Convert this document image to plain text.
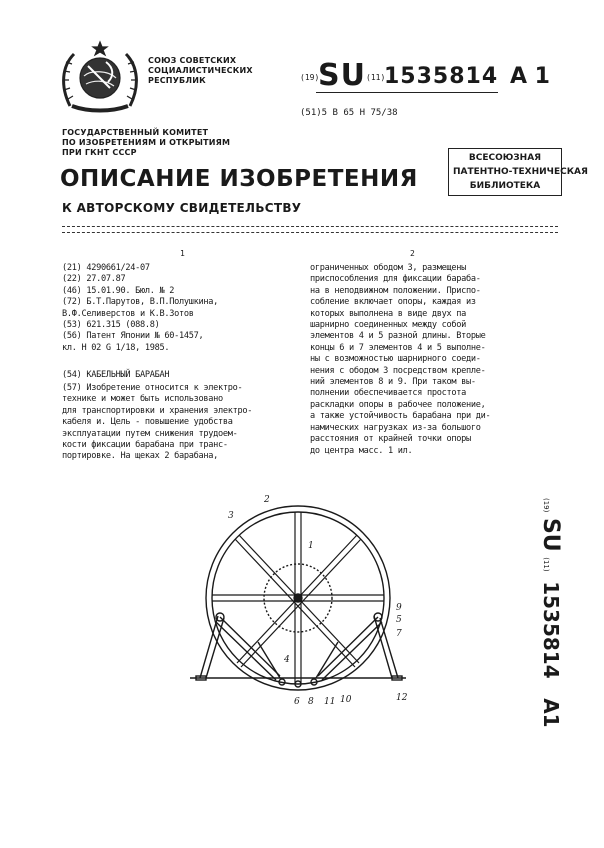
СОЮЗ СОВЕТСКИХ
СОЦИАЛИСТИЧЕСКИХ
РЕСПУБЛИК	(19)
SU (11)
1535814 A 1
(51)5 B 65 H 75/38
ГОСУДАРСТВЕННЫЙ КОМИТЕТ
ПО ИЗОБРЕТЕНИЯМ И ОТКРЫТИЯМ
ПРИ ГКНТ СССР
ВСЕСОЮЗНАЯ
ПАТЕНТНО-ТЕХНИЧЕСКАЯ
БИБЛИОТЕКА
ОПИСАНИЕ ИЗОБРЕТЕНИЯ
К АВТОРСКОМУ СВИДЕТЕЛЬСТВУ
1	2
(21) 4290661/24-07
(22) 27.07.87
(46) 15.01.90. Бюл. № 2
(72) Б.Т.Парутов, В.П.Полушкина,
В.Ф.Селиверстов и К.В.Зотов
(53) 621.315 (088.8)
(56) Патент Японии № 60-1457,
кл. Н 02 G 1/18, 1985.
(54) КАБЕЛЬНЫЙ БАРАБАН
(57) Изобретение относится к электро-
технике и может быть использовано
для транспортировки и хранения электро-
кабеля и. Цель - повышение удобства
эксплуатации путем снижения трудоем-
кости фиксации барабана при транс-
портировке. На щеках 2 барабана,
ограниченных ободом 3, размещены
приспособления для фиксации бараба-
на в неподвижном положении. Приспо-
собление включает опоры, каждая из
которых выполнена в виде двух па
шарнирно соединенных между собой
элементов 4 и 5 разной длины. Вторые
концы 6 и 7 элементов 4 и 5 выполне-
ны с возможностью шарнирного соеди-
нения с ободом 3 посредством крепле-
ний элементов 8 и 9. При таком вы-
полнении обеспечивается простота
раскладки опоры в рабочее положение,
а также устойчивость барабана при ди-
намических нагрузках из-за большого
расстояния от крайней точки опоры
до центра масс. 1 ил.
(19) SU (11) 1535814 A1
1
2
3
4
5
6
7
8
9
10
11	12
